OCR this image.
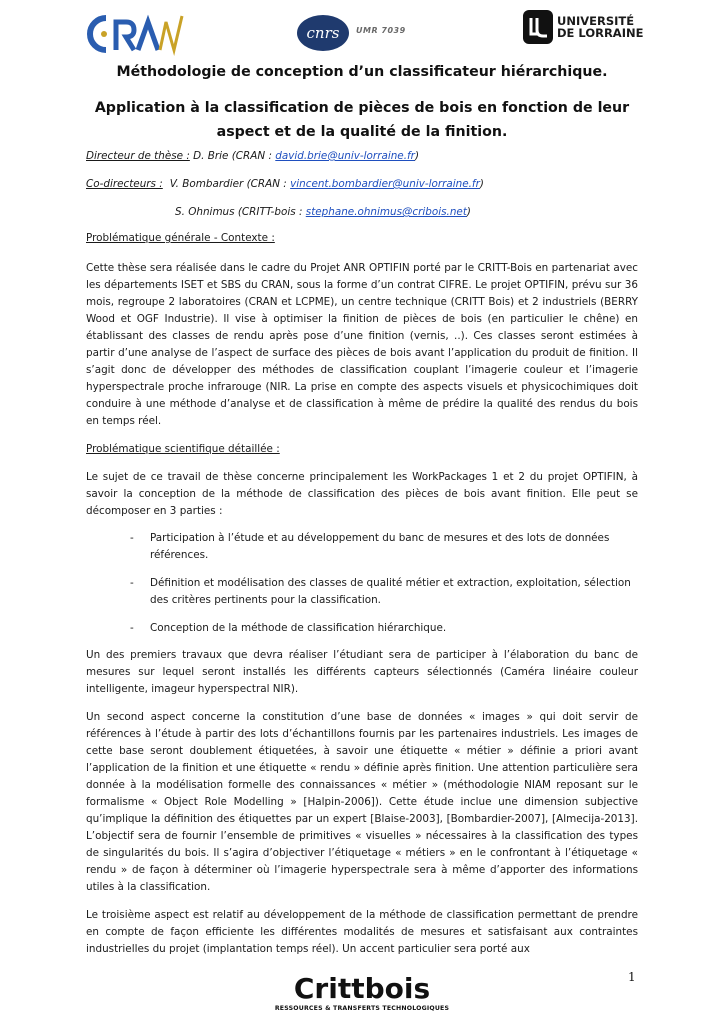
cnrs UMR 7039
UNIVERSITÉ
DE LORRAINE
Méthodologie de conception d’un classificateur hiérarchique.
Application à la classification de pièces de bois en fonction de leur aspect et de la qualité de la finition.
Directeur de thèse : D. Brie (CRAN : david.brie@univ-lorraine.fr)
Co-directeurs : V. Bombardier (CRAN : vincent.bombardier@univ-lorraine.fr)
S. Ohnimus (CRITT-bois : stephane.ohnimus@cribois.net)
Problématique générale - Contexte :
Cette thèse sera réalisée dans le cadre du Projet ANR OPTIFIN porté par le CRITT-Bois en partenariat avec les départements ISET et SBS du CRAN, sous la forme d’un contrat CIFRE. Le projet OPTIFIN, prévu sur 36 mois, regroupe 2 laboratoires (CRAN et LCPME), un centre technique (CRITT Bois) et 2 industriels (BERRY Wood et OGF Industrie). Il vise à optimiser la finition de pièces de bois (en particulier le chêne) en établissant des classes de rendu après pose d’une finition (vernis, ..). Ces classes seront estimées à partir d’une analyse de l’aspect de surface des pièces de bois avant l’application du produit de finition. Il s’agit donc de développer des méthodes de classification couplant l’imagerie couleur et l’imagerie hyperspectrale proche infrarouge (NIR. La prise en compte des aspects visuels et physicochimiques doit conduire à une méthode d’analyse et de classification à même de prédire la qualité des rendus du bois en temps réel.
Problématique scientifique détaillée :
Le sujet de ce travail de thèse concerne principalement les WorkPackages 1 et 2 du projet OPTIFIN, à savoir la conception de la méthode de classification des pièces de bois avant finition. Elle peut se décomposer en 3 parties :
- Participation à l’étude et au développement du banc de mesures et des lots de données références.
- Définition et modélisation des classes de qualité métier et extraction, exploitation, sélection des critères pertinents pour la classification.
- Conception de la méthode de classification hiérarchique.
Un des premiers travaux que devra réaliser l’étudiant sera de participer à l’élaboration du banc de mesures sur lequel seront installés les différents capteurs sélectionnés (Caméra linéaire couleur intelligente, imageur hyperspectral NIR).
Un second aspect concerne la constitution d’une base de données « images » qui doit servir de références à l’étude à partir des lots d’échantillons fournis par les partenaires industriels. Les images de cette base seront doublement étiquetées, à savoir une étiquette « métier » définie a priori avant l’application de la finition et une étiquette « rendu » définie après finition. Une attention particulière sera donnée à la modélisation formelle des connaissances « métier » (méthodologie NIAM reposant sur le formalisme « Object Role Modelling » [Halpin-2006]). Cette étude inclue une dimension subjective qu’implique la définition des étiquettes par un expert [Blaise-2003], [Bombardier-2007], [Almecija-2013]. L’objectif sera de fournir l’ensemble de primitives « visuelles » nécessaires à la classification des types de singularités du bois. Il s’agira d’objectiver l’étiquetage « métiers » en le confrontant à l’étiquetage « rendu » de façon à déterminer où l’imagerie hyperspectrale sera à même d’apporter des informations utiles à la classification.
Le troisième aspect est relatif au développement de la méthode de classification permettant de prendre en compte de façon efficiente les différentes modalités de mesures et satisfaisant aux contraintes industrielles du projet (implantation temps réel). Un accent particulier sera porté aux
1
Crittbois
RESSOURCES & TRANSFERTS TECHNOLOGIQUES
